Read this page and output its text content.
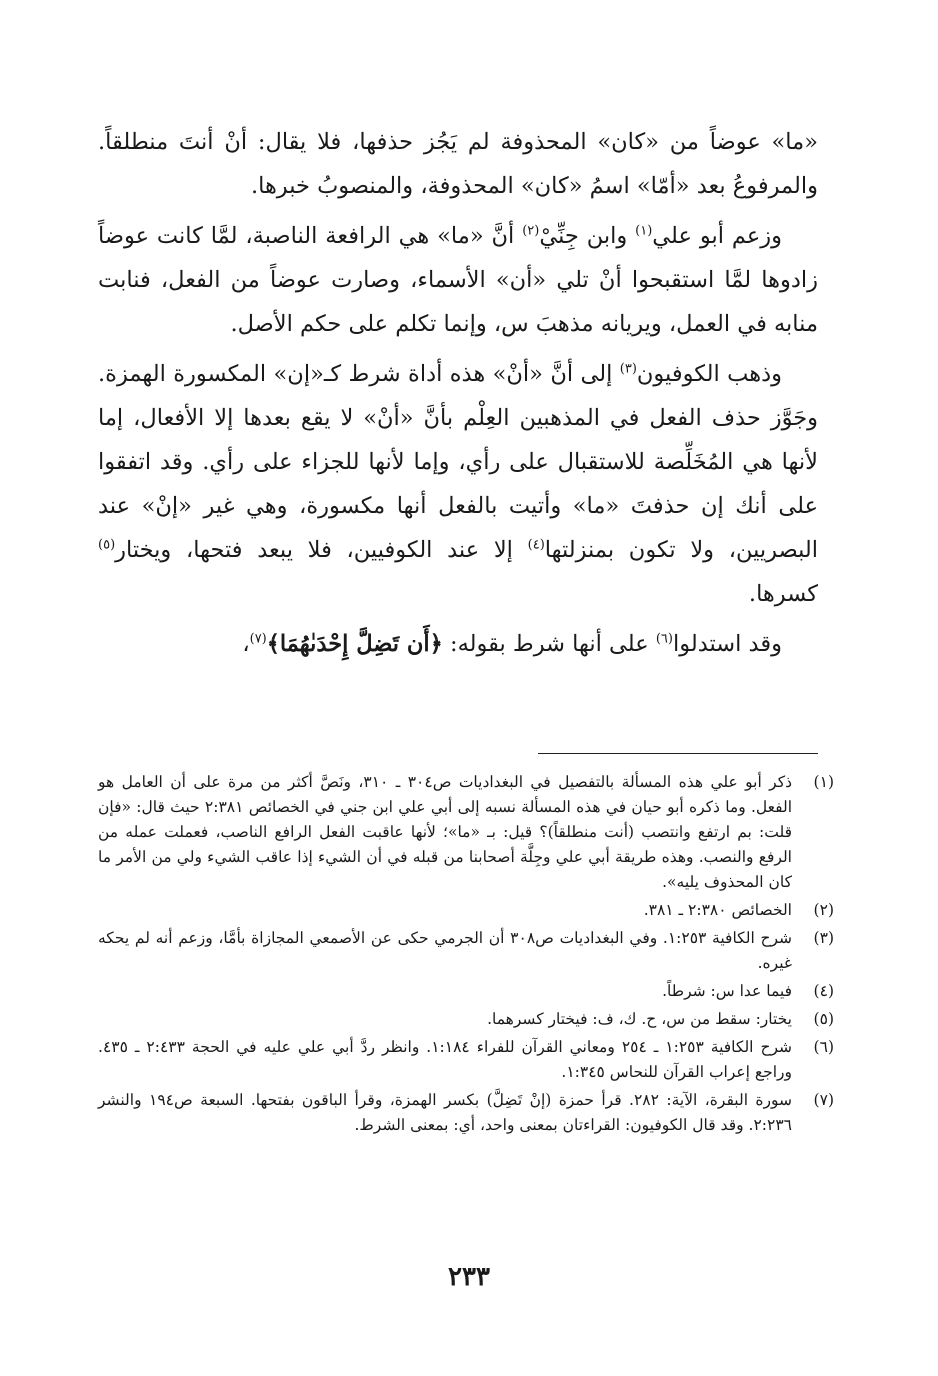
«ما» عوضاً من «كان» المحذوفة لم يَجُز حذفها، فلا يقال: أنْ أنتَ منطلقاً. والمرفوعُ بعد «أمّا» اسمُ «كان» المحذوفة، والمنصوبُ خبرها.

وزعم أبو علي$^{(١)}$ وابن جِنِّيْ$^{(٢)}$ أنَّ «ما» هي الرافعة الناصبة، لمَّا كانت عوضاً زادوها لمَّا استقبحوا أنْ تلي «أن» الأسماء، وصارت عوضاً من الفعل، فنابت منابه في العمل، ويريانه مذهبَ س، وإنما تكلم على حكم الأصل.

وذهب الكوفيون$^{(٣)}$ إلى أنَّ «أنْ» هذه أداة شرط كـ«إن» المكسورة الهمزة. وجَوَّز حذف الفعل في المذهبين العِلْم بأنَّ «أنْ» لا يقع بعدها إلا الأفعال، إما لأنها هي المُخَلِّصة للاستقبال على رأي، وإما لأنها للجزاء على رأي. وقد اتفقوا على أنك إن حذفتَ «ما» وأتيت بالفعل أنها مكسورة، وهي غير «إنْ» عند البصريين، ولا تكون بمنزلتها$^{(٤)}$ إلا عند الكوفيين، فلا يبعد فتحها، ويختار$^{(٥)}$ كسرها.

وقد استدلوا$^{(٦)}$ على أنها شرط بقوله: ﴿أَن تَضِلَّ إِحْدَىٰهُمَا﴾$^{(٧)}$،

(١)
ذكر أبو علي هذه المسألة بالتفصيل في البغداديات ص٣٠٤ ـ ٣١٠، ونَصَّ أكثر من مرة على أن العامل هو الفعل. وما ذكره أبو حيان في هذه المسألة نسبه إلى أبي علي ابن جني في الخصائص ٢:٣٨١ حيث قال: «فإن قلت: بم ارتفع وانتصب (أنت منطلقاً)؟ قيل: بـ «ما»؛ لأنها عاقبت الفعل الرافع الناصب، فعملت عمله من الرفع والنصب. وهذه طريقة أبي علي وجِلَّة أصحابنا من قبله في أن الشيء إذا عاقب الشيء ولي من الأمر ما كان المحذوف يليه».
(٢)
الخصائص ٢:٣٨٠ ـ ٣٨١.
(٣)
شرح الكافية ١:٢٥٣. وفي البغداديات ص٣٠٨ أن الجرمي حكى عن الأصمعي المجازاة بأمَّا، وزعم أنه لم يحكه غيره.
(٤)
فيما عدا س: شرطاً.
(٥)
يختار: سقط من س، ح. ك، ف: فيختار كسرهما.
(٦)
شرح الكافية ١:٢٥٣ ـ ٢٥٤ ومعاني القرآن للفراء ١:١٨٤. وانظر ردَّ أبي علي عليه في الحجة ٢:٤٣٣ ـ ٤٣٥. وراجع إعراب القرآن للنحاس ١:٣٤٥.
(٧)
سورة البقرة، الآية: ٢٨٢. قرأ حمزة (إنْ تَضِلَّ) بكسر الهمزة، وقرأ الباقون بفتحها. السبعة ص١٩٤ والنشر ٢:٢٣٦. وقد قال الكوفيون: القراءتان بمعنى واحد، أي: بمعنى الشرط.
٢٣٣
